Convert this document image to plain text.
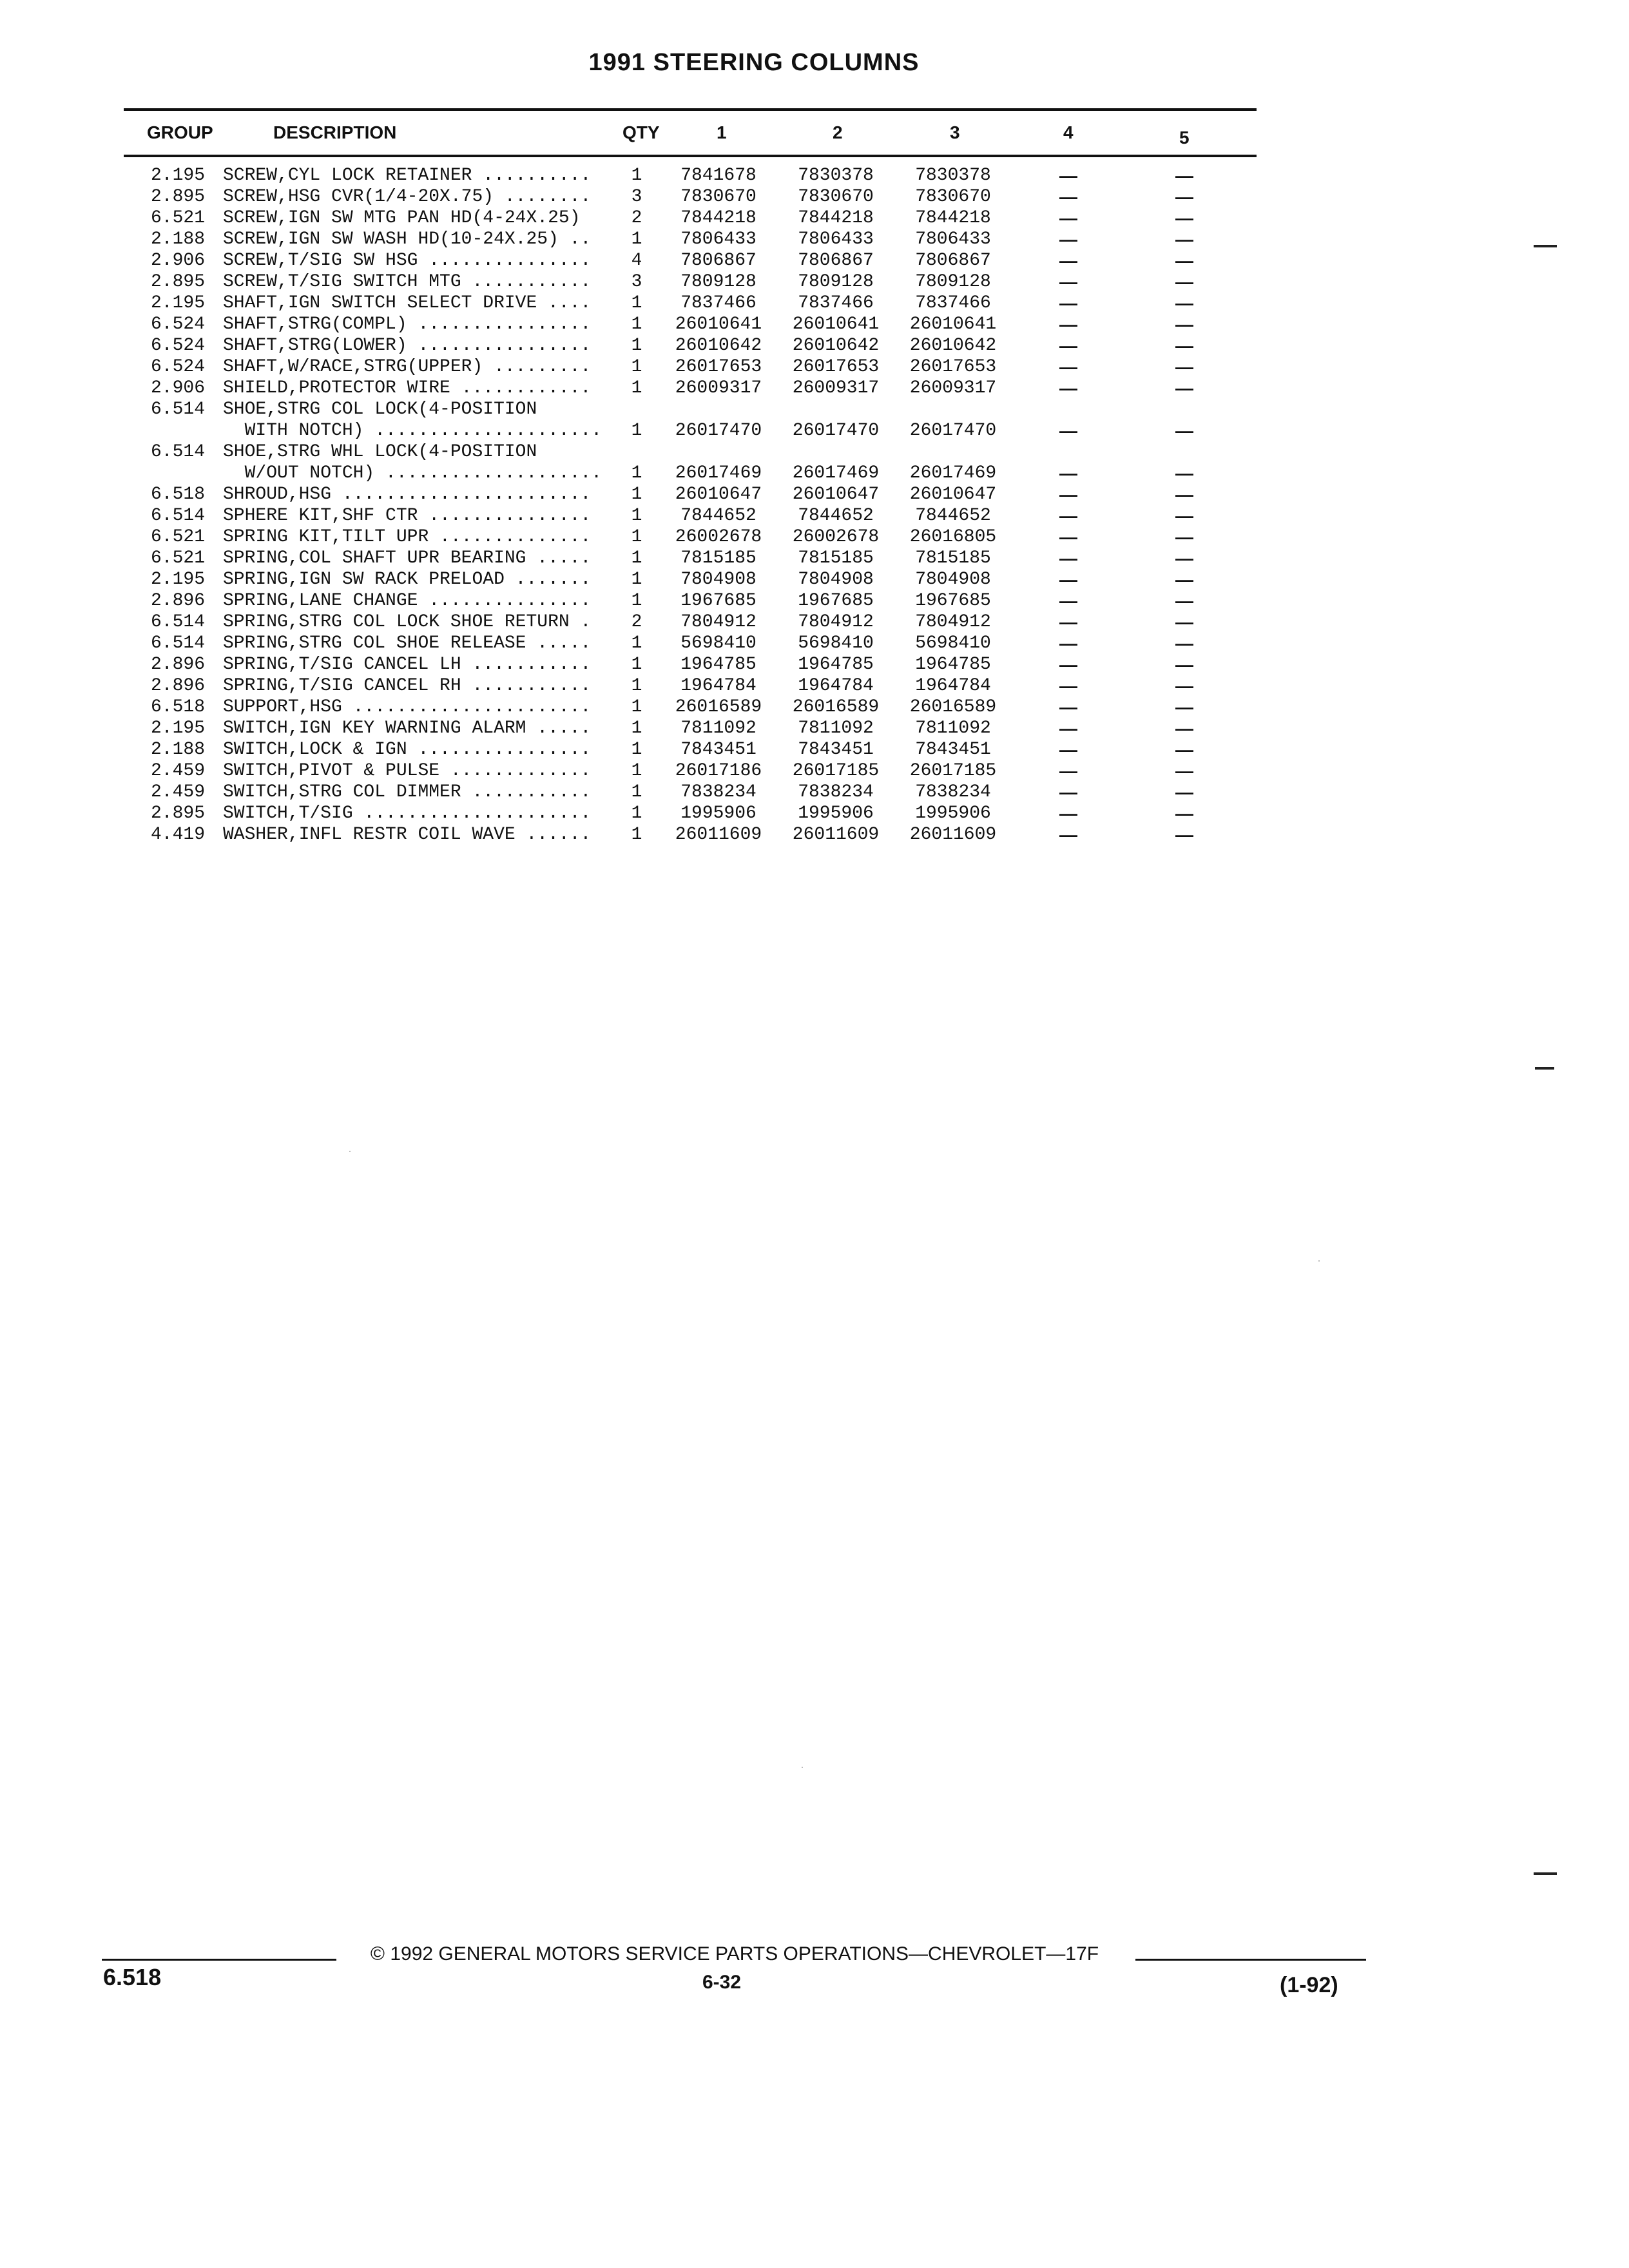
1991 STEERING COLUMNS
GROUP	DESCRIPTION	QTY	1	2	3	4	5
2.195 SCREW,CYL LOCK RETAINER ..........	1	7841678	7830378	7830378	—	—
2.895 SCREW,HSG CVR(1/4-20X.75) ........	3	7830670	7830670	7830670	—	—
6.521 SCREW,IGN SW MTG PAN HD(4-24X.25)	2	7844218	7844218	7844218	—	—
2.188 SCREW,IGN SW WASH HD(10-24X.25) ..	1	7806433	7806433	7806433	—	—
2.906 SCREW,T/SIG SW HSG ...............	4	7806867	7806867	7806867	—	—
2.895 SCREW,T/SIG SWITCH MTG ...........	3	7809128	7809128	7809128	—	—
2.195 SHAFT,IGN SWITCH SELECT DRIVE ....	1	7837466	7837466	7837466	—	—
6.524 SHAFT,STRG(COMPL) ................	1	26010641	26010641	26010641	—	—
6.524 SHAFT,STRG(LOWER) ................	1	26010642	26010642	26010642	—	—
6.524 SHAFT,W/RACE,STRG(UPPER) .........	1	26017653	26017653	26017653	—	—
2.906 SHIELD,PROTECTOR WIRE ............	1	26009317	26009317	26009317	—	—
6.514 SHOE,STRG COL LOCK(4-POSITION
WITH NOTCH) .....................	1	26017470	26017470	26017470	—	—
6.514 SHOE,STRG WHL LOCK(4-POSITION
W/OUT NOTCH) ....................	1	26017469	26017469	26017469	—	—
6.518 SHROUD,HSG .......................	1	26010647	26010647	26010647	—	—
6.514 SPHERE KIT,SHF CTR ...............	1	7844652	7844652	7844652	—	—
6.521 SPRING KIT,TILT UPR ..............	1	26002678	26002678	26016805	—	—
6.521 SPRING,COL SHAFT UPR BEARING .....	1	7815185	7815185	7815185	—	—
2.195 SPRING,IGN SW RACK PRELOAD .......	1	7804908	7804908	7804908	—	—
2.896 SPRING,LANE CHANGE ...............	1	1967685	1967685	1967685	—	—
6.514 SPRING,STRG COL LOCK SHOE RETURN .	2	7804912	7804912	7804912	—	—
6.514 SPRING,STRG COL SHOE RELEASE .....	1	5698410	5698410	5698410	—	—
2.896 SPRING,T/SIG CANCEL LH ...........	1	1964785	1964785	1964785	—	—
2.896 SPRING,T/SIG CANCEL RH ...........	1	1964784	1964784	1964784	—	—
6.518 SUPPORT,HSG ......................	1	26016589	26016589	26016589	—	—
2.195 SWITCH,IGN KEY WARNING ALARM .....	1	7811092	7811092	7811092	—	—
2.188 SWITCH,LOCK & IGN ................	1	7843451	7843451	7843451	—	—
2.459 SWITCH,PIVOT & PULSE .............	1	26017186	26017185	26017185	—	—
2.459 SWITCH,STRG COL DIMMER ...........	1	7838234	7838234	7838234	—	—
2.895 SWITCH,T/SIG .....................	1	1995906	1995906	1995906	—	—
4.419 WASHER,INFL RESTR COIL WAVE ......	1	26011609	26011609	26011609	—	—
© 1992 GENERAL MOTORS SERVICE PARTS OPERATIONS—CHEVROLET—17F
6.518	6-32	(1-92)
